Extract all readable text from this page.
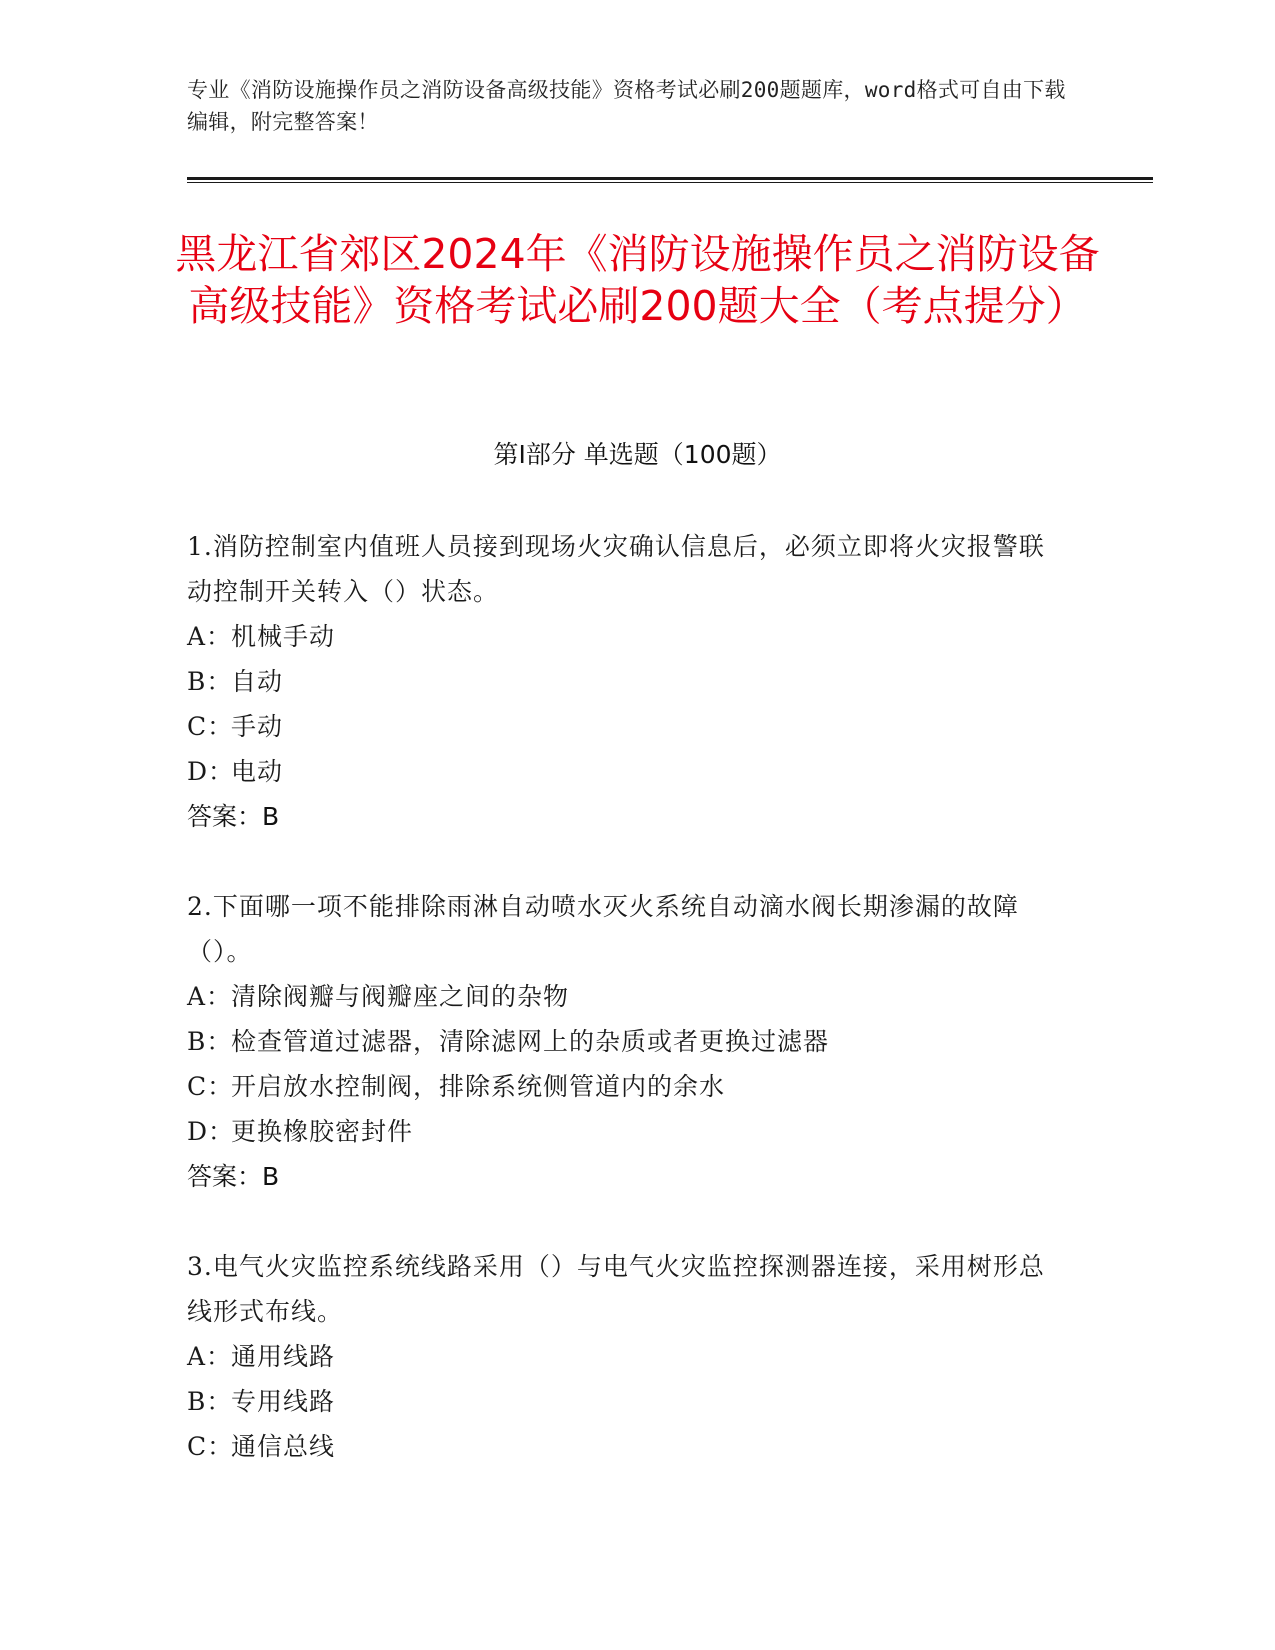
专业《消防设施操作员之消防设备高级技能》资格考试必刷200题题库，word格式可自由下载编辑，附完整答案！
黑龙江省郊区2024年《消防设施操作员之消防设备高级技能》资格考试必刷200题大全（考点提分）
第Ⅰ部分 单选题（100题）

1.消防控制室内值班人员接到现场火灾确认信息后，必须立即将火灾报警联动控制开关转入（）状态。

A：
机械手动

B：
自动

C：
手动

D：
电动

答案：B

2.下面哪一项不能排除雨淋自动喷水灭火系统自动滴水阀长期渗漏的故障（）。

A：
清除阀瓣与阀瓣座之间的杂物

B：
检查管道过滤器，清除滤网上的杂质或者更换过滤器

C：
开启放水控制阀，排除系统侧管道内的余水

D：
更换橡胶密封件

答案：B

3.电气火灾监控系统线路采用（）与电气火灾监控探测器连接，采用树形总线形式布线。

A：
通用线路

B：
专用线路

C：
通信总线
